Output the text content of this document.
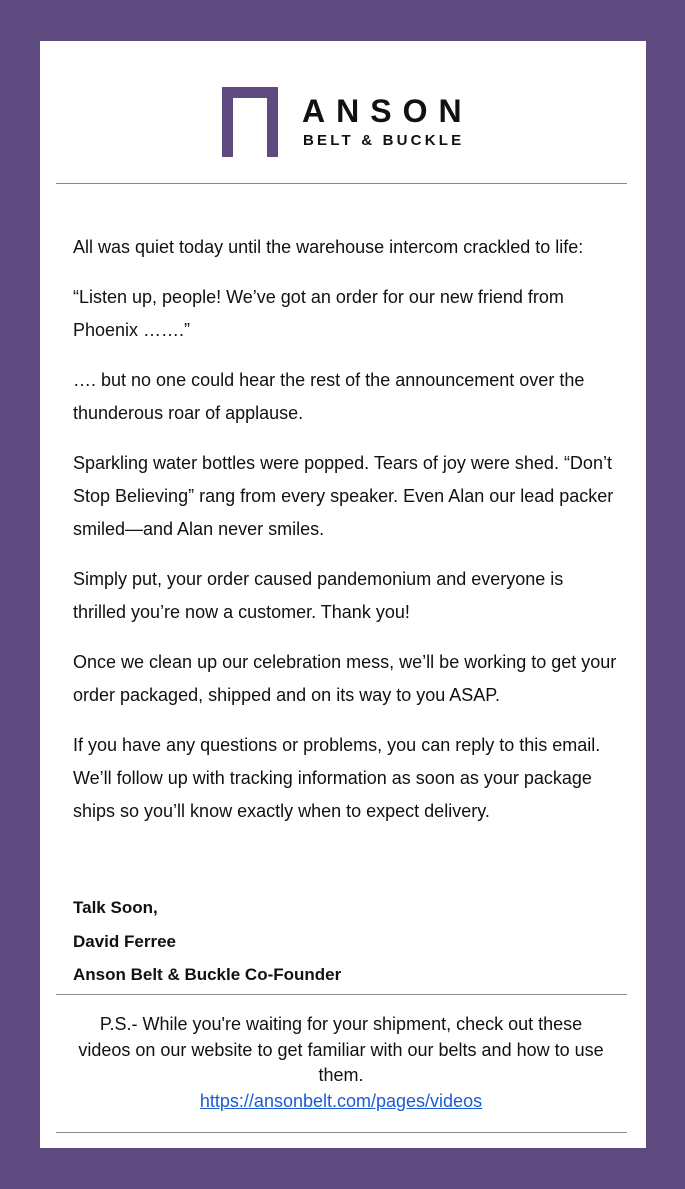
ANSON
BELT & BUCKLE

All was quiet today until the warehouse intercom crackled to life:

“Listen up, people! We’ve got an order for our new friend from Phoenix …….”

…. but no one could hear the rest of the announcement over the thunderous roar of applause.

Sparkling water bottles were popped. Tears of joy were shed. “Don’t Stop Believing” rang from every speaker. Even Alan our lead packer smiled—and Alan never smiles.

Simply put, your order caused pandemonium and everyone is thrilled you’re now a customer. Thank you!

Once we clean up our celebration mess, we’ll be working to get your order packaged, shipped and on its way to you ASAP.

If you have any questions or problems, you can reply to this email. We’ll follow up with tracking information as soon as your package ships so you’ll know exactly when to expect delivery.

Talk Soon,
David Ferree
Anson Belt & Buckle Co-Founder
P.S.- While you're waiting for your shipment, check out these videos on our website to get familiar with our belts and how to use them.
https://ansonbelt.com/pages/videos
